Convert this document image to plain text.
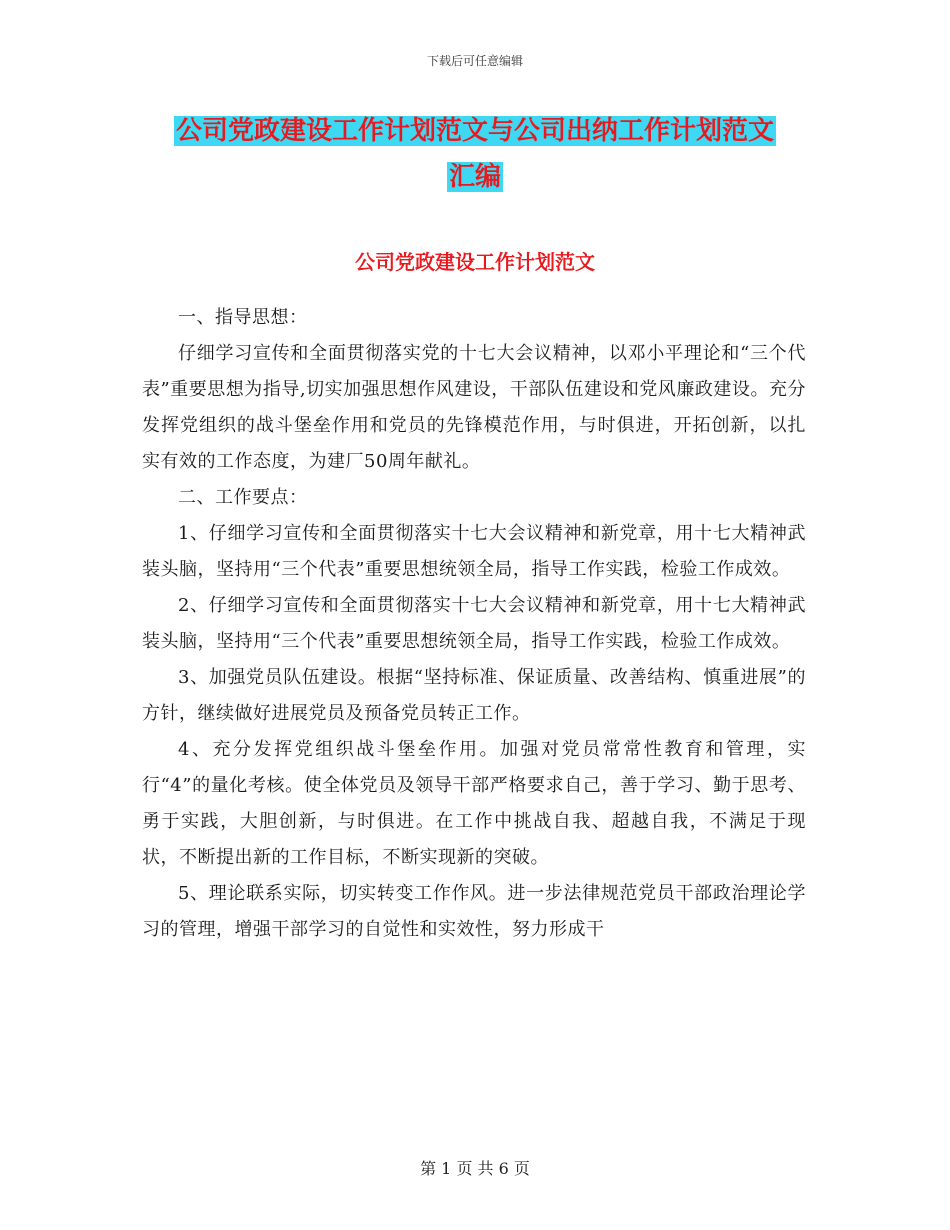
下载后可任意编辑
公司党政建设工作计划范文与公司出纳工作计划范文
汇编
公司党政建设工作计划范文

一、指导思想：

仔细学习宣传和全面贯彻落实党的十七大会议精神，以邓小平理论和“三个代表”重要思想为指导,切实加强思想作风建设，干部队伍建设和党风廉政建设。充分发挥党组织的战斗堡垒作用和党员的先锋模范作用，与时俱进，开拓创新，以扎实有效的工作态度，为建厂50周年献礼。

二、工作要点：

1、仔细学习宣传和全面贯彻落实十七大会议精神和新党章，用十七大精神武装头脑，坚持用“三个代表”重要思想统领全局，指导工作实践，检验工作成效。

2、仔细学习宣传和全面贯彻落实十七大会议精神和新党章，用十七大精神武装头脑，坚持用“三个代表”重要思想统领全局，指导工作实践，检验工作成效。

3、加强党员队伍建设。根据“坚持标准、保证质量、改善结构、慎重进展”的方针，继续做好进展党员及预备党员转正工作。

4、充分发挥党组织战斗堡垒作用。加强对党员常常性教育和管理，实行“4”的量化考核。使全体党员及领导干部严格要求自己，善于学习、勤于思考、勇于实践，大胆创新，与时俱进。在工作中挑战自我、超越自我，不满足于现状，不断提出新的工作目标，不断实现新的突破。

5、理论联系实际，切实转变工作作风。进一步法律规范党员干部政治理论学习的管理，增强干部学习的自觉性和实效性，努力形成干

第 1 页 共 6 页
